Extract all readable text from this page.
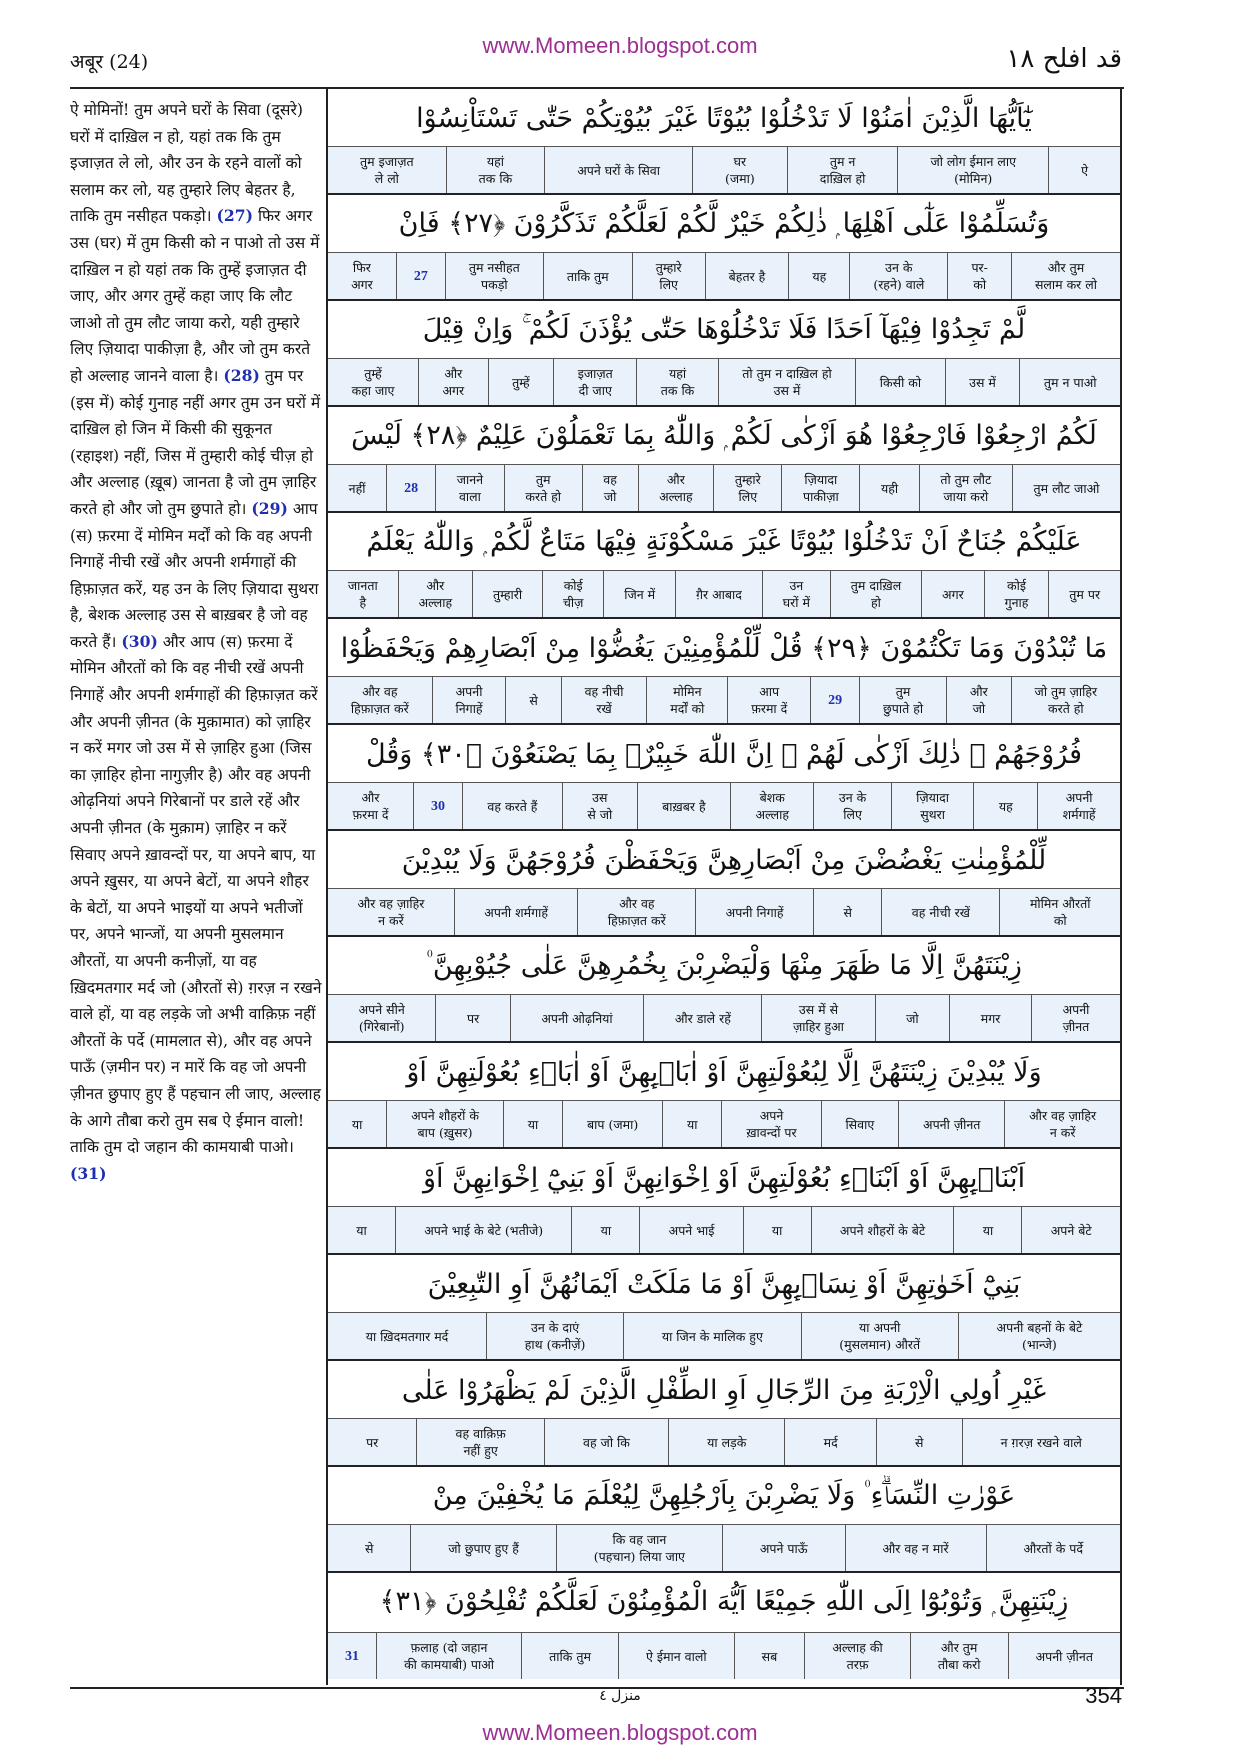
अबूर (24)
www.Momeen.blogspot.com	قد افلح ١٨
ऐ मोमिनों! तुम अपने घरों के सिवा (दूसरे) घरों में दाख़िल न हो, यहां तक कि तुम इजाज़त ले लो, और उन के रहने वालों को सलाम कर लो, यह तुम्हारे लिए बेहतर है, ताकि तुम नसीहत पकड़ो। (27) फिर अगर उस (घर) में तुम किसी को न पाओ तो उस में दाख़िल न हो यहां तक कि तुम्हें इजाज़त दी जाए, और अगर तुम्हें कहा जाए कि लौट जाओ तो तुम लौट जाया करो, यही तुम्हारे लिए ज़ियादा पाकीज़ा है, और जो तुम करते हो अल्लाह जानने वाला है। (28) तुम पर (इस में) कोई गुनाह नहीं अगर तुम उन घरों में दाख़िल हो जिन में किसी की सुकूनत (रहाइश) नहीं, जिस में तुम्हारी कोई चीज़ हो और अल्लाह (ख़ूब) जानता है जो तुम ज़ाहिर करते हो और जो तुम छुपाते हो। (29) आप (स) फ़रमा दें मोमिन मर्दों को कि वह अपनी निगाहें नीची रखें और अपनी शर्मगाहों की हिफ़ाज़त करें, यह उन के लिए ज़ियादा सुथरा है, बेशक अल्लाह उस से बाख़बर है जो वह करते हैं। (30) और आप (स) फ़रमा दें मोमिन औरतों को कि वह नीची रखें अपनी निगाहें और अपनी शर्मगाहों की हिफ़ाज़त करें और अपनी ज़ीनत (के मुक़ामात) को ज़ाहिर न करें मगर जो उस में से ज़ाहिर हुआ (जिस का ज़ाहिर होना नागुज़ीर है) और वह अपनी ओढ़नियां अपने गिरेबानों पर डाले रहें और अपनी ज़ीनत (के मुक़ाम) ज़ाहिर न करें सिवाए अपने ख़ावन्दों पर, या अपने बाप, या अपने ख़ुसर, या अपने बेटों, या अपने शौहर के बेटों, या अपने भाइयों या अपने भतीजों पर, अपने भान्जों, या अपनी मुसलमान औरतों, या अपनी कनीज़ों, या वह ख़िदमतगार मर्द जो (औरतों से) ग़रज़ न रखने वाले हों, या वह लड़के जो अभी वाक़िफ़ नहीं औरतों के पर्दे (मामलात से), और वह अपने पाऊँ (ज़मीन पर) न मारें कि वह जो अपनी ज़ीनत छुपाए हुए हैं पहचान ली जाए, अल्लाह के आगे तौबा करो तुम सब ऐ ईमान वालो! ताकि तुम दो जहान की कामयाबी पाओ। (31)
يٰٓاَيُّهَا الَّذِيْنَ اٰمَنُوْا لَا تَدْخُلُوْا بُيُوْتًا غَيْرَ بُيُوْتِكُمْ حَتّٰى تَسْتَاْنِسُوْا
ऐ
जो लोग ईमान लाए
(मोमिन)
तुम न
दाख़िल हो
घर
(जमा)
अपने घरों के सिवा
यहां
तक कि
तुम इजाज़त
ले लो
وَتُسَلِّمُوْا عَلٰٓى اَهْلِهَا ۭ ذٰلِكُمْ خَيْرٌ لَّكُمْ لَعَلَّكُمْ تَذَكَّرُوْنَ ﴿٢٧﴾ فَاِنْ
और तुम
सलाम कर लो
पर-
को
उन के
(रहने) वाले
यह
बेहतर है
तुम्हारे
लिए
ताकि तुम
तुम नसीहत
पकड़ो
27
फिर
अगर
لَّمْ تَجِدُوْا فِيْهَآ اَحَدًا فَلَا تَدْخُلُوْهَا حَتّٰى يُؤْذَنَ لَكُمْ ۚ وَاِنْ قِيْلَ
तुम न पाओ
उस में
किसी को
तो तुम न दाख़िल हो
उस में
यहां
तक कि
इजाज़त
दी जाए
तुम्हें
और
अगर
तुम्हें
कहा जाए
لَكُمُ ارْجِعُوْا فَارْجِعُوْا هُوَ اَزْكٰى لَكُمْ ۭ وَاللّٰهُ بِمَا تَعْمَلُوْنَ عَلِيْمٌ ﴿٢٨﴾ لَيْسَ
तुम लौट जाओ
तो तुम लौट
जाया करो
यही
ज़ियादा
पाकीज़ा
तुम्हारे
लिए
और
अल्लाह
वह
जो
तुम
करते हो
जानने
वाला
28
नहीं
عَلَيْكُمْ جُنَاحٌ اَنْ تَدْخُلُوْا بُيُوْتًا غَيْرَ مَسْكُوْنَةٍ فِيْهَا مَتَاعٌ لَّكُمْ ۭ وَاللّٰهُ يَعْلَمُ
तुम पर
कोई
गुनाह
अगर
तुम दाख़िल
हो
उन
घरों में
ग़ैर आबाद
जिन में
कोई
चीज़
तुम्हारी
और
अल्लाह
जानता
है
مَا تُبْدُوْنَ وَمَا تَكْتُمُوْنَ ﴿٢٩﴾ قُلْ لِّلْمُؤْمِنِيْنَ يَغُضُّوْا مِنْ اَبْصَارِهِمْ وَيَحْفَظُوْا
जो तुम ज़ाहिर
करते हो
और
जो
तुम
छुपाते हो
29
आप
फ़रमा दें
मोमिन
मर्दों को
वह नीची
रखें
से
अपनी
निगाहें
और वह
हिफ़ाज़त करें
فُرُوْجَهُمْ ۭ ذٰلِكَ اَزْكٰى لَهُمْ ۭ اِنَّ اللّٰهَ خَبِيْرٌۢ بِمَا يَصْنَعُوْنَ ﴿٣٠﴾ وَقُلْ
अपनी
शर्मगाहें
यह
ज़ियादा
सुथरा
उन के
लिए
बेशक
अल्लाह
बाख़बर है
उस
से जो
वह करते हैं
30
और
फ़रमा दें
لِّلْمُؤْمِنٰتِ يَغْضُضْنَ مِنْ اَبْصَارِهِنَّ وَيَحْفَظْنَ فُرُوْجَهُنَّ وَلَا يُبْدِيْنَ
मोमिन औरतों
को
वह नीची रखें
से
अपनी निगाहें
और वह
हिफ़ाज़त करें
अपनी शर्मगाहें
और वह ज़ाहिर
न करें
زِيْنَتَهُنَّ اِلَّا مَا ظَهَرَ مِنْهَا وَلْيَضْرِبْنَ بِخُمُرِهِنَّ عَلٰى جُيُوْبِهِنَّ ۠
अपनी
ज़ीनत
मगर
जो
उस में से
ज़ाहिर हुआ
और डाले रहें
अपनी ओढ़नियां
पर
अपने सीने
(गिरेबानों)
وَلَا يُبْدِيْنَ زِيْنَتَهُنَّ اِلَّا لِبُعُوْلَتِهِنَّ اَوْ اٰبَاۗىِٕهِنَّ اَوْ اٰبَاۗءِ بُعُوْلَتِهِنَّ اَوْ
और वह ज़ाहिर
न करें
अपनी ज़ीनत
सिवाए
अपने
ख़ावन्दों पर
या
बाप (जमा)
या
अपने शौहरों के
बाप (ख़ुसर)
या
اَبْنَاۗىِٕهِنَّ اَوْ اَبْنَاۗءِ بُعُوْلَتِهِنَّ اَوْ اِخْوَانِهِنَّ اَوْ بَنِيْٓ اِخْوَانِهِنَّ اَوْ
अपने बेटे
या
अपने शौहरों के बेटे
या
अपने भाई
या
अपने भाई के बेटे (भतीजे)
या
بَنِيْٓ اَخَوٰتِهِنَّ اَوْ نِسَاۗىِٕهِنَّ اَوْ مَا مَلَكَتْ اَيْمَانُهُنَّ اَوِ التّٰبِعِيْنَ
अपनी बहनों के बेटे
(भान्जे)
या अपनी
(मुसलमान) औरतें
या जिन के मालिक हुए
उन के दाएं
हाथ (कनीज़ें)
या ख़िदमतगार मर्द
غَيْرِ اُولِي الْاِرْبَةِ مِنَ الرِّجَالِ اَوِ الطِّفْلِ الَّذِيْنَ لَمْ يَظْهَرُوْا عَلٰى
न ग़रज़ रखने वाले
से
मर्द
या लड़के
वह जो कि
वह वाक़िफ़
नहीं हुए
पर
عَوْرٰتِ النِّسَاۗءِ ۠ وَلَا يَضْرِبْنَ بِاَرْجُلِهِنَّ لِيُعْلَمَ مَا يُخْفِيْنَ مِنْ
औरतों के पर्दे
और वह न मारें
अपने पाऊँ
कि वह जान
(पहचान) लिया जाए
जो छुपाए हुए हैं
से
زِيْنَتِهِنَّ ۭ وَتُوْبُوْٓا اِلَى اللّٰهِ جَمِيْعًا اَيُّهَ الْمُؤْمِنُوْنَ لَعَلَّكُمْ تُفْلِحُوْنَ ﴿٣١﴾
अपनी ज़ीनत
और तुम
तौबा करो
अल्लाह की
तरफ़
सब
ऐ ईमान वालो
ताकि तुम
फ़लाह (दो जहान
की कामयाबी) पाओ
31
منزل ٤	354
www.Momeen.blogspot.com
